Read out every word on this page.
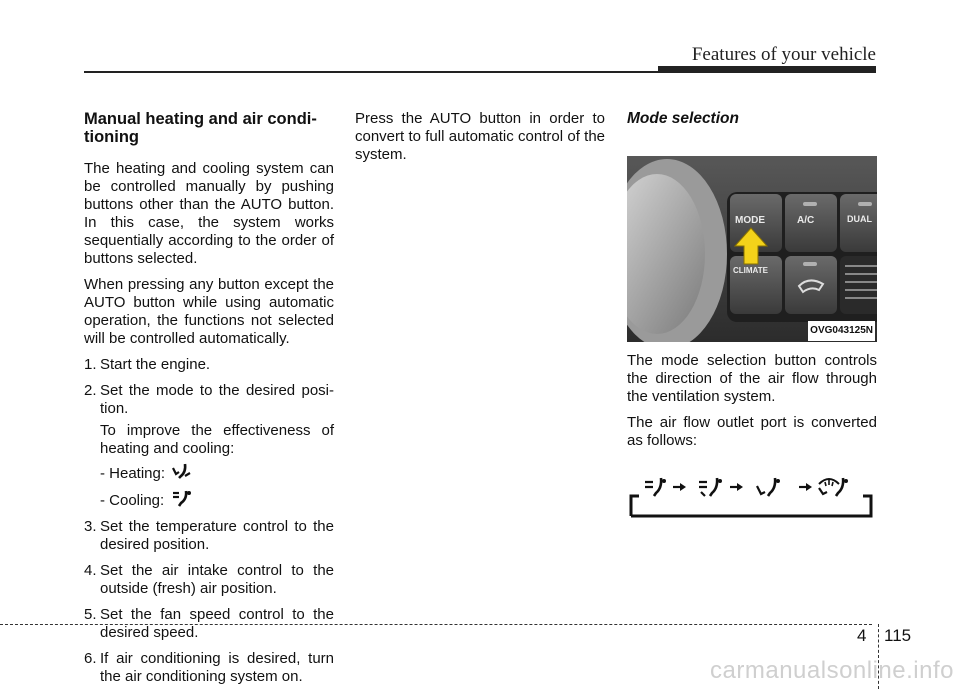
Features of your vehicle
Manual heating and air condi-tioning

The heating and cooling system can be controlled manually by pushing buttons other than the AUTO button. In this case, the system works sequentially according to the order of buttons selected.

When pressing any button except the AUTO button while using automatic operation, the functions not selected will be controlled automatically.

1. Start the engine.
2. Set the mode to the desired posi-tion.
To improve the effectiveness of heating and cooling:
- Heating:
- Cooling:
3. Set the temperature control to the desired position.
4. Set the air intake control to the outside (fresh) air position.
5. Set the fan speed control to the desired speed.
6. If air conditioning is desired, turn the air conditioning system on.

Press the AUTO button in order to convert to full automatic control of the system.

Mode selection
MODE	A/C	DUAL
CLIMATE
OVG043125N

The mode selection button controls the direction of the air flow through the ventilation system.

The air flow outlet port is converted as follows:

4 115
carmanualsonline.info
